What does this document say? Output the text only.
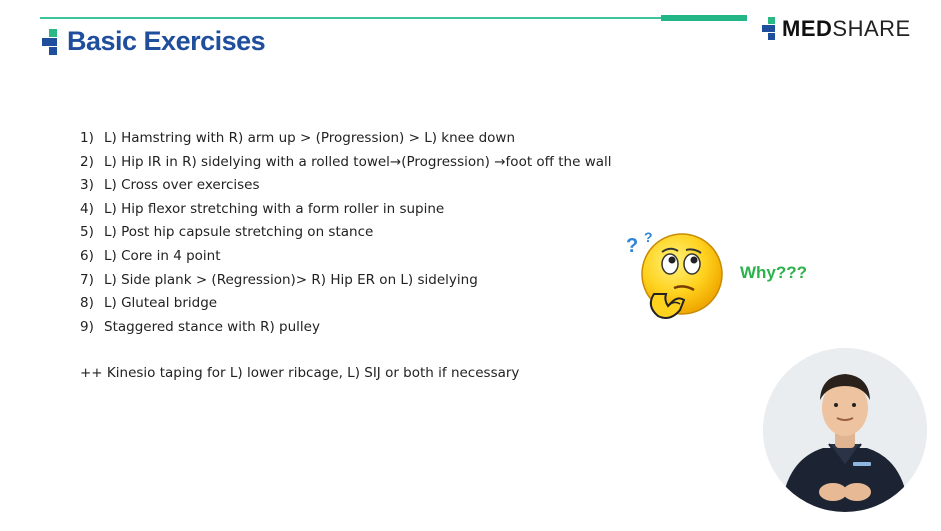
Basic Exercises	MEDSHARE
1) L) Hamstring with R) arm up > (Progression) > L) knee down
2) L) Hip IR in R) sidelying with a rolled towel→(Progression) →foot off the wall
3) L) Cross over exercises
4) L) Hip flexor stretching with a form roller in supine
5) L) Post hip capsule stretching on stance
6) L) Core in 4 point
7) L) Side plank > (Regression)> R) Hip ER on L) sidelying
8) L) Gluteal bridge
9) Staggered stance with R) pulley
++ Kinesio taping for L) lower ribcage, L) SIJ or both if necessary
? ?
Why???
